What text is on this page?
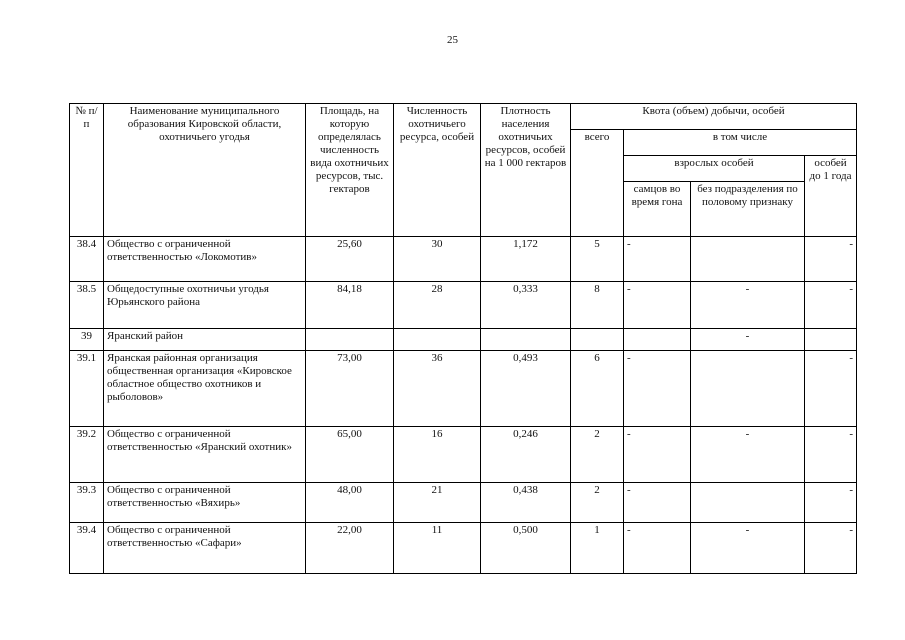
25
№ п/п	Наименование муниципального образования Кировской области, охотничьего угодья	Площадь, на которую определялась численность вида охотничьих ресурсов, тыс. гектаров	Численность охотничьего ресурса, особей	Плотность населения охотничьих ресурсов, особей на 1 000 гектаров	Квота (объем) добычи, особей			
					всего	в том числе		
						взрослых особей		особей до 1 года
						самцов во время гона	без подразделения по половому признаку	
38.4	Общество с ограниченной ответственностью «Локомотив»	25,60	30	1,172	5	-		-
38.5	Общедоступные охотничьи угодья Юрьянского района	84,18	28	0,333	8	-	-	-
39	Яранский район						-	
39.1	Яранская районная организация общественная организация «Кировское областное общество охотников и рыболовов»	73,00	36	0,493	6	-		-
39.2	Общество с ограниченной ответственностью «Яранский охотник»	65,00	16	0,246	2	-	-	-
39.3	Общество с ограниченной ответственностью «Вяхирь»	48,00	21	0,438	2	-		-
39.4	Общество с ограниченной ответственностью «Сафари»	22,00	11	0,500	1	-	-	-
